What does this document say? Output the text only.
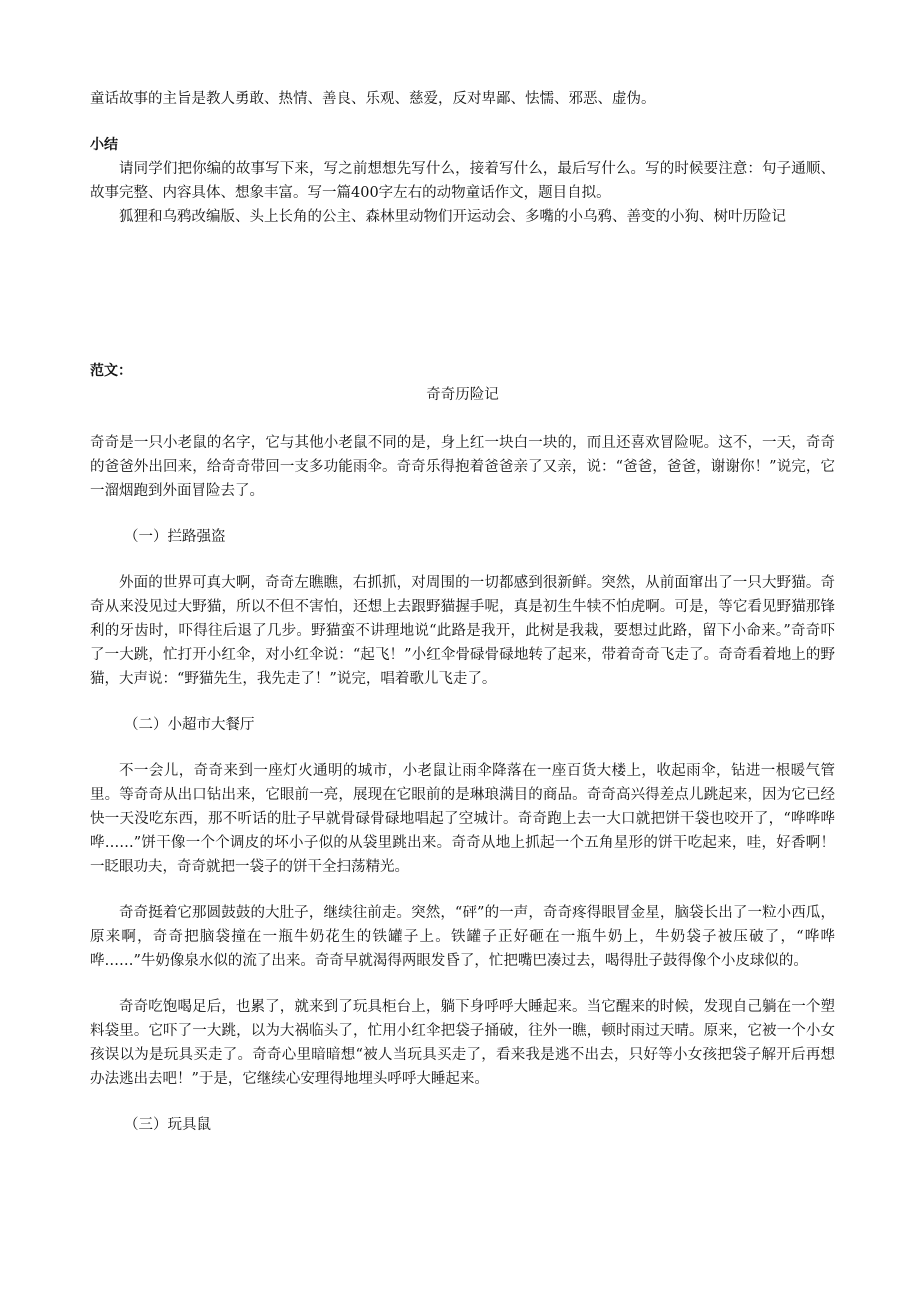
童话故事的主旨是教人勇敢、热情、善良、乐观、慈爱，反对卑鄙、怯懦、邪恶、虚伪。

小结

请同学们把你编的故事写下来，写之前想想先写什么，接着写什么，最后写什么。写的时候要注意：句子通顺、故事完整、内容具体、想象丰富。写一篇400字左右的动物童话作文，题目自拟。

狐狸和乌鸦改编版、头上长角的公主、森林里动物们开运动会、多嘴的小乌鸦、善变的小狗、树叶历险记

范文：

奇奇历险记

奇奇是一只小老鼠的名字，它与其他小老鼠不同的是，身上红一块白一块的，而且还喜欢冒险呢。这不，一天，奇奇的爸爸外出回来，给奇奇带回一支多功能雨伞。奇奇乐得抱着爸爸亲了又亲，说：“爸爸，爸爸，谢谢你！”说完，它一溜烟跑到外面冒险去了。

（一）拦路强盗

外面的世界可真大啊，奇奇左瞧瞧，右抓抓，对周围的一切都感到很新鲜。突然，从前面窜出了一只大野猫。奇奇从来没见过大野猫，所以不但不害怕，还想上去跟野猫握手呢，真是初生牛犊不怕虎啊。可是，等它看见野猫那锋利的牙齿时，吓得往后退了几步。野猫蛮不讲理地说“此路是我开，此树是我栽，要想过此路，留下小命来。”奇奇吓了一大跳，忙打开小红伞，对小红伞说：“起飞！”小红伞骨碌骨碌地转了起来，带着奇奇飞走了。奇奇看着地上的野猫，大声说：“野猫先生，我先走了！”说完，唱着歌儿飞走了。

（二）小超市大餐厅

不一会儿，奇奇来到一座灯火通明的城市，小老鼠让雨伞降落在一座百货大楼上，收起雨伞，钻进一根暖气管里。等奇奇从出口钻出来，它眼前一亮，展现在它眼前的是琳琅满目的商品。奇奇高兴得差点儿跳起来，因为它已经快一天没吃东西，那不听话的肚子早就骨碌骨碌地唱起了空城计。奇奇跑上去一大口就把饼干袋也咬开了，“哗哗哗哗……”饼干像一个个调皮的坏小子似的从袋里跳出来。奇奇从地上抓起一个五角星形的饼干吃起来，哇，好香啊！一眨眼功夫，奇奇就把一袋子的饼干全扫荡精光。

奇奇挺着它那圆鼓鼓的大肚子，继续往前走。突然，“砰”的一声，奇奇疼得眼冒金星，脑袋长出了一粒小西瓜，原来啊，奇奇把脑袋撞在一瓶牛奶花生的铁罐子上。铁罐子正好砸在一瓶牛奶上，牛奶袋子被压破了，“哗哗哗……”牛奶像泉水似的流了出来。奇奇早就渴得两眼发昏了，忙把嘴巴凑过去，喝得肚子鼓得像个小皮球似的。

奇奇吃饱喝足后，也累了，就来到了玩具柜台上，躺下身呼呼大睡起来。当它醒来的时候，发现自己躺在一个塑料袋里。它吓了一大跳，以为大祸临头了，忙用小红伞把袋子捅破，往外一瞧，顿时雨过天晴。原来，它被一个小女孩误以为是玩具买走了。奇奇心里暗暗想“被人当玩具买走了，看来我是逃不出去，只好等小女孩把袋子解开后再想办法逃出去吧！”于是，它继续心安理得地埋头呼呼大睡起来。

（三）玩具鼠
